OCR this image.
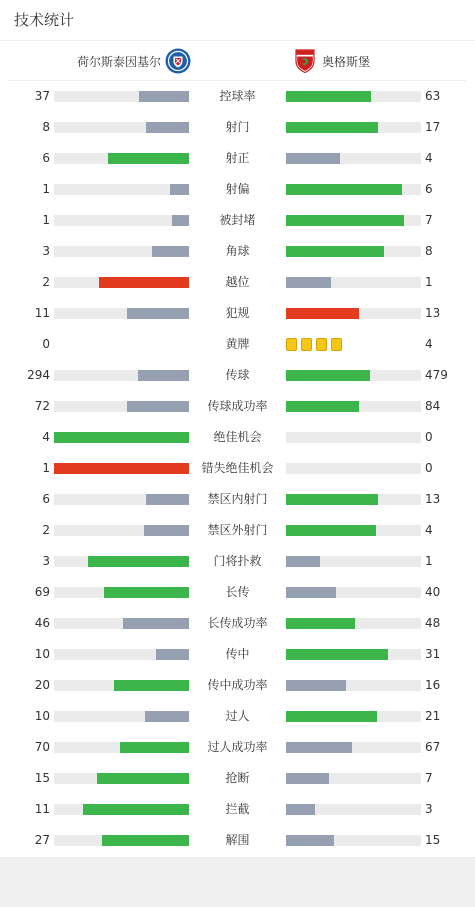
技术统计
荷尔斯泰因基尔	奥格斯堡
37	控球率	63
8	射门	17
6	射正	4
1	射偏	6
1	被封堵	7
3	角球	8
2	越位	1
11	犯规	13
0	黄牌	4
294	传球	479
72	传球成功率	84
4	绝佳机会	0
1	错失绝佳机会	0
6	禁区内射门	13
2	禁区外射门	4
3	门将扑救	1
69	长传	40
46	长传成功率	48
10	传中	31
20	传中成功率	16
10	过人	21
70	过人成功率	67
15	抢断	7
11	拦截	3
27	解围	15
